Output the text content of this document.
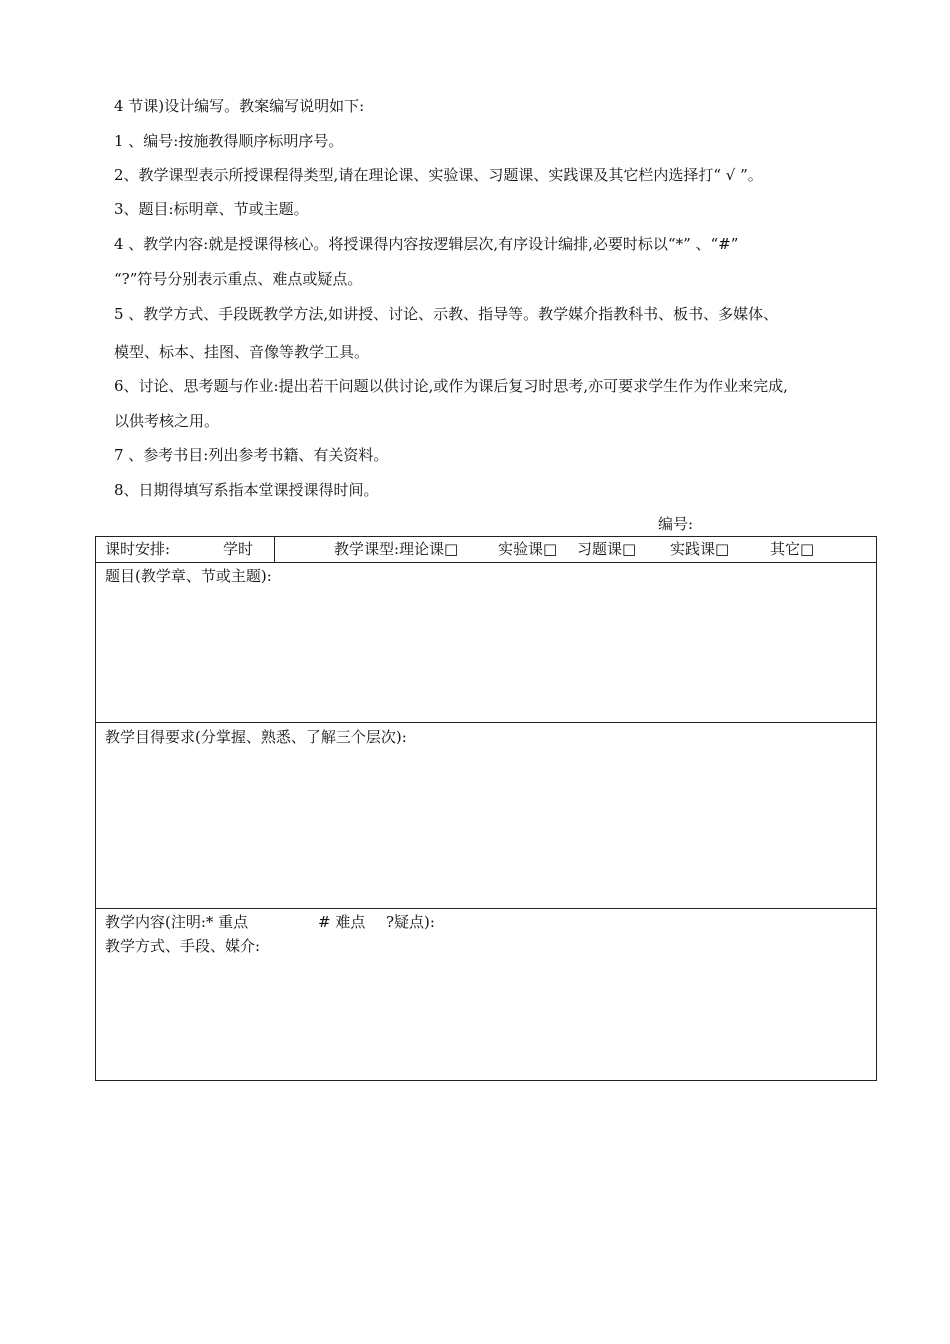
4 节课)设计编写。教案编写说明如下:
1 、编号:按施教得顺序标明序号。
2、教学课型表示所授课程得类型,请在理论课、实验课、习题课、实践课及其它栏内选择打“ √ ”。
3、题目:标明章、节或主题。
4 、教学内容:就是授课得核心。将授课得内容按逻辑层次,有序设计编排,必要时标以“*” 、“#”
“?”符号分别表示重点、难点或疑点。
5 、教学方式、手段既教学方法,如讲授、讨论、示教、指导等。教学媒介指教科书、板书、多媒体、
模型、标本、挂图、音像等教学工具。
6、讨论、思考题与作业:提出若干问题以供讨论,或作为课后复习时思考,亦可要求学生作为作业来完成,
以供考核之用。
7 、参考书目:列出参考书籍、有关资料。
8、日期得填写系指本堂课授课得时间。
编号:
课时安排:	学时	教学课型:理论课□	实验课□ 习题课□ 实践课□	其它□
题目(教学章、节或主题):
教学目得要求(分掌握、熟悉、了解三个层次):
教学内容(注明:* 重点	# 难点 ?疑点):
教学方式、手段、媒介:
